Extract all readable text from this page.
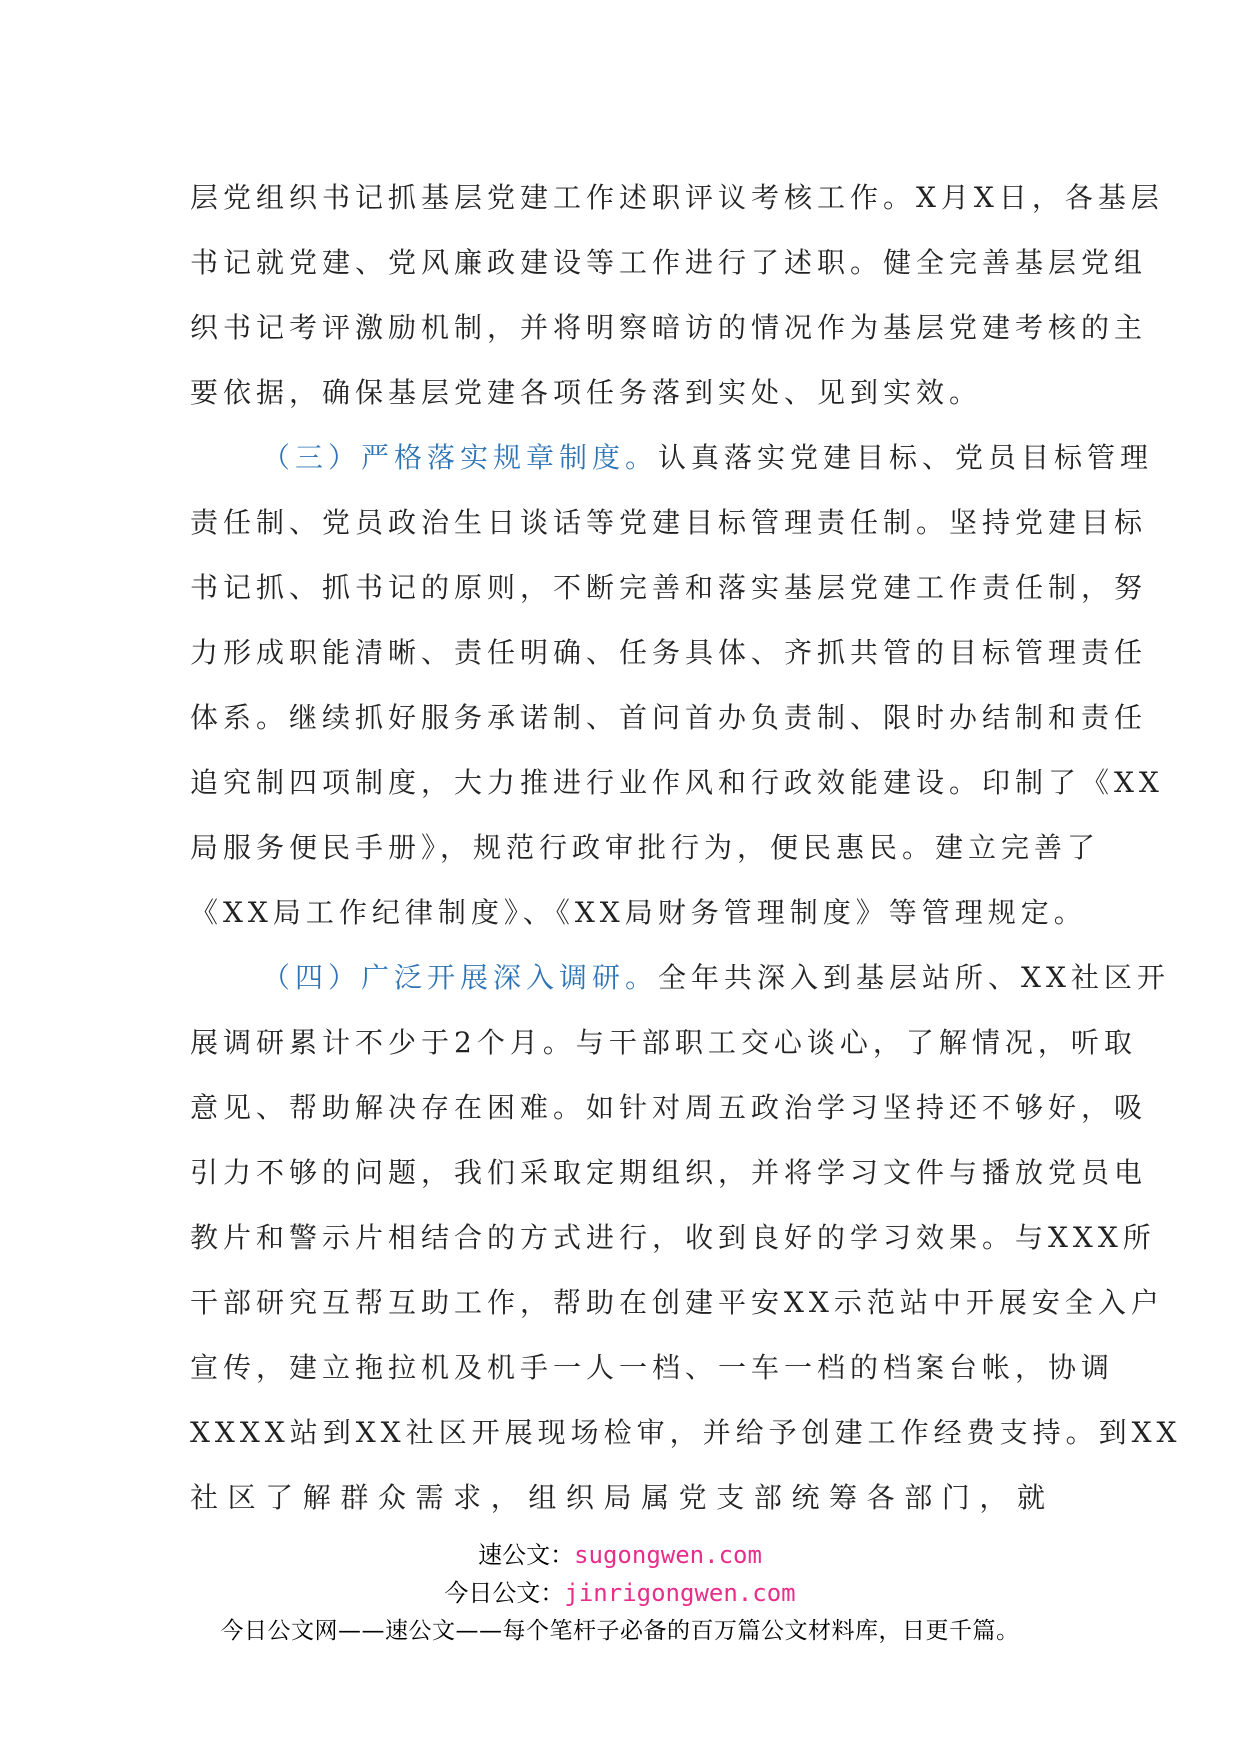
层党组织书记抓基层党建工作述职评议考核工作。X月X日，各基层
书记就党建、党风廉政建设等工作进行了述职。健全完善基层党组
织书记考评激励机制，并将明察暗访的情况作为基层党建考核的主
要依据，确保基层党建各项任务落到实处、见到实效。
（三）严格落实规章制度。认真落实党建目标、党员目标管理
责任制、党员政治生日谈话等党建目标管理责任制。坚持党建目标
书记抓、抓书记的原则，不断完善和落实基层党建工作责任制，努
力形成职能清晰、责任明确、任务具体、齐抓共管的目标管理责任
体系。继续抓好服务承诺制、首问首办负责制、限时办结制和责任
追究制四项制度，大力推进行业作风和行政效能建设。印制了《XX
局服务便民手册》，规范行政审批行为，便民惠民。建立完善了
《XX局工作纪律制度》、《XX局财务管理制度》等管理规定。
（四）广泛开展深入调研。全年共深入到基层站所、XX社区开
展调研累计不少于2个月。与干部职工交心谈心，了解情况，听取
意见、帮助解决存在困难。如针对周五政治学习坚持还不够好，吸
引力不够的问题，我们采取定期组织，并将学习文件与播放党员电
教片和警示片相结合的方式进行，收到良好的学习效果。与XXX所
干部研究互帮互助工作，帮助在创建平安XX示范站中开展安全入户
宣传，建立拖拉机及机手一人一档、一车一档的档案台帐，协调
XXXX站到XX社区开展现场检审，并给予创建工作经费支持。到XX
社区了解群众需求，组织局属党支部统筹各部门，就
速公文：sugongwen.com
今日公文：jinrigongwen.com
今日公文网——速公文——每个笔杆子必备的百万篇公文材料库，日更千篇。
